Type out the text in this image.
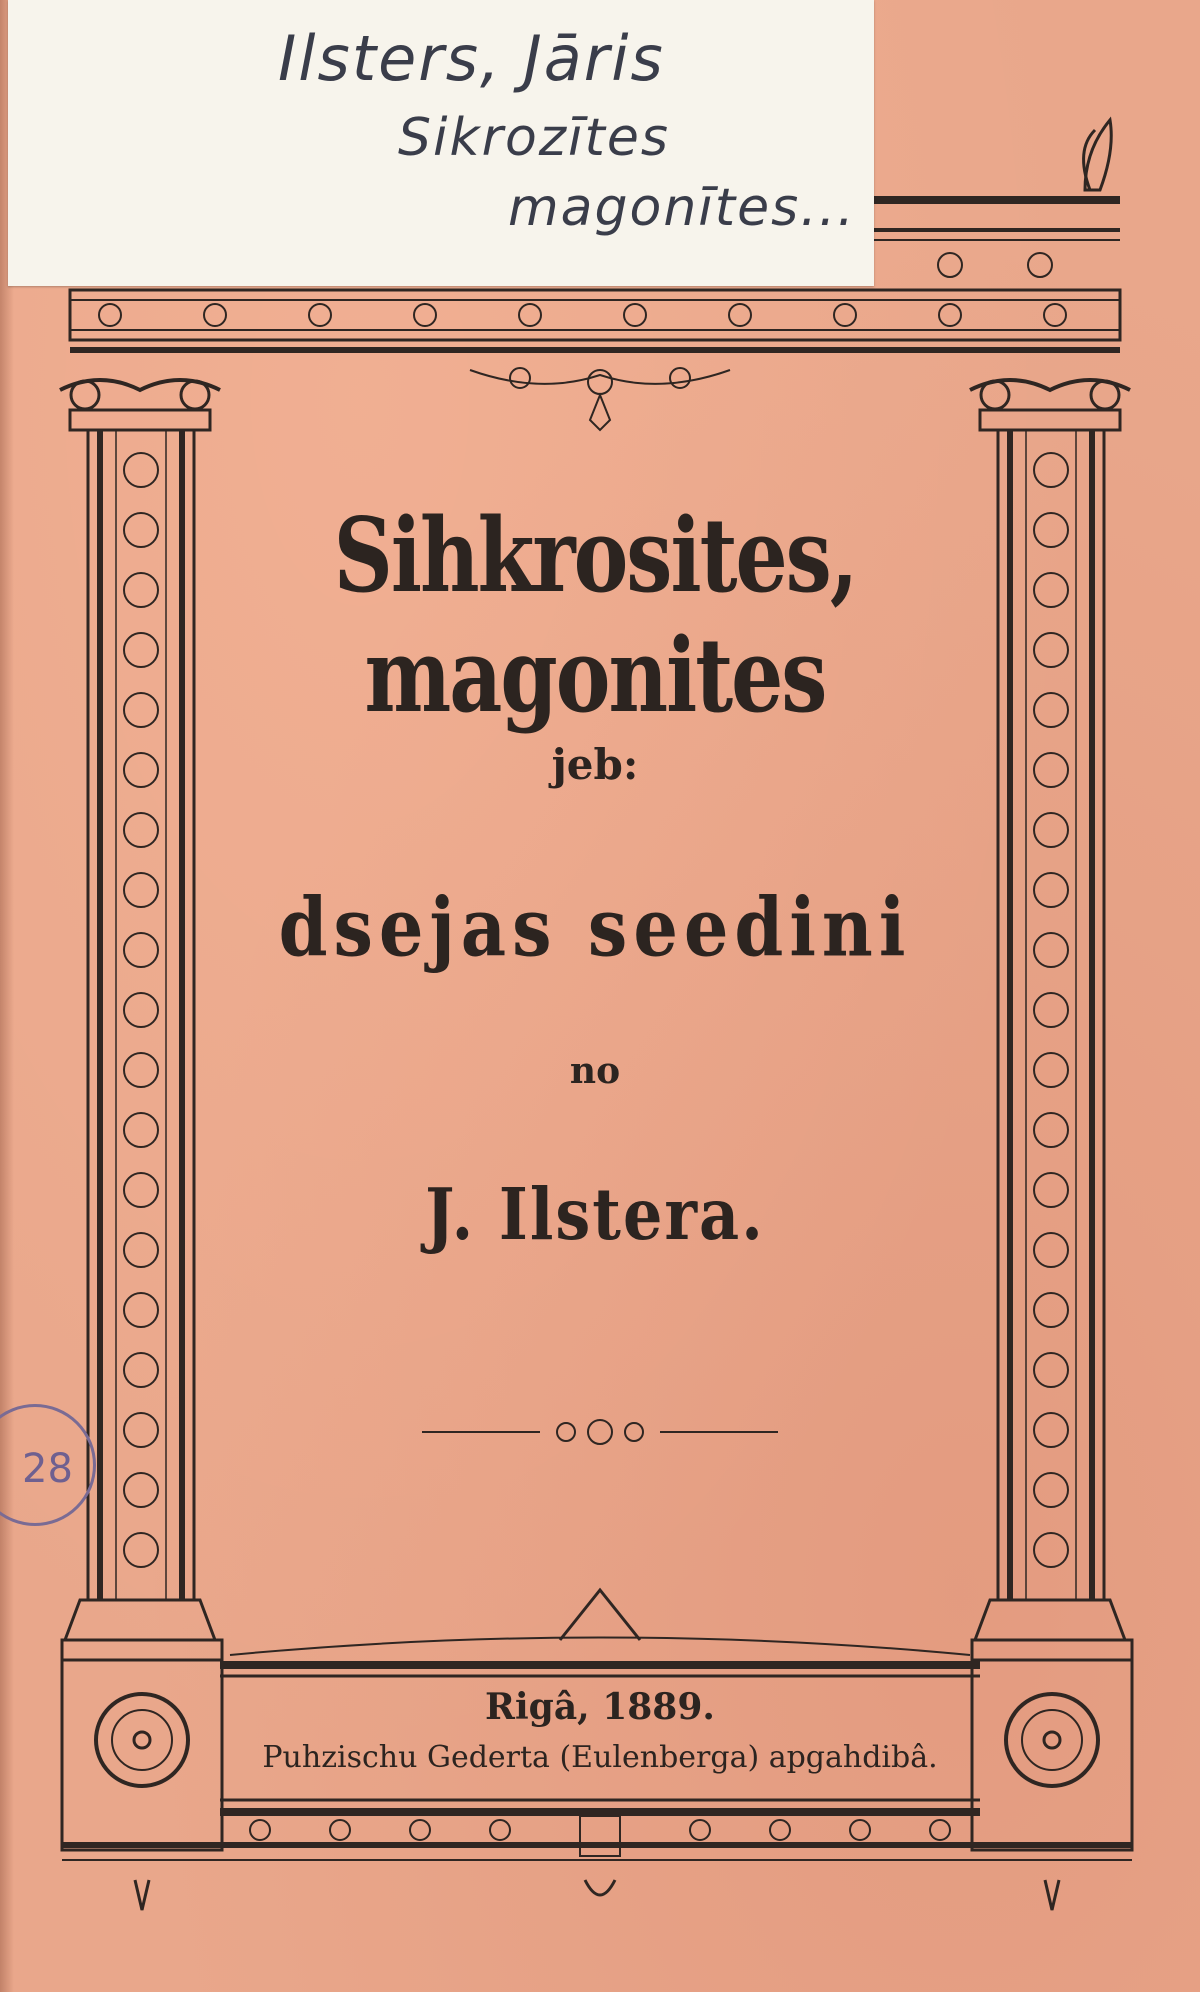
Ilsters, Jāris
Sikrozītes
magonītes...
Sihkrosites, magonites
jeb:
dsejas seedini
no
J. Ilstera.
Rigâ, 1889.
Puhzischu Gederta (Eulenberga) apgahdibâ.
28
